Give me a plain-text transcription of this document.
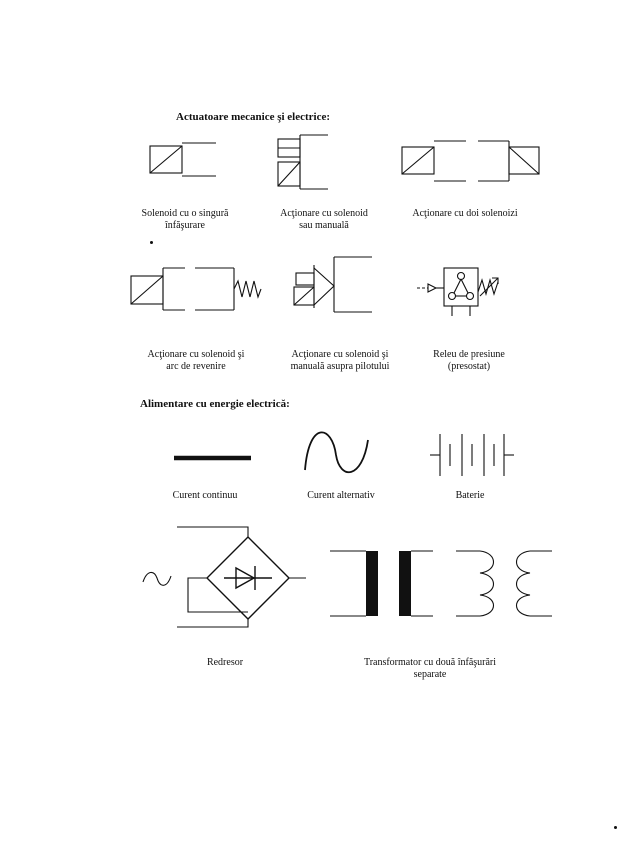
Actuatoare mecanice şi electrice:
Alimentare cu energie electrică:
Solenoid cu o singură
înfăşurare
Acţionare cu solenoid
sau manuală
Acţionare cu doi solenoizi
Acţionare cu solenoid şi
arc de revenire
Acţionare cu solenoid şi
manuală asupra pilotului
Releu de presiune
(presostat)
Curent continuu	Curent alternativ	Baterie
Redresor	Transformator cu două înfăşurări
separate
